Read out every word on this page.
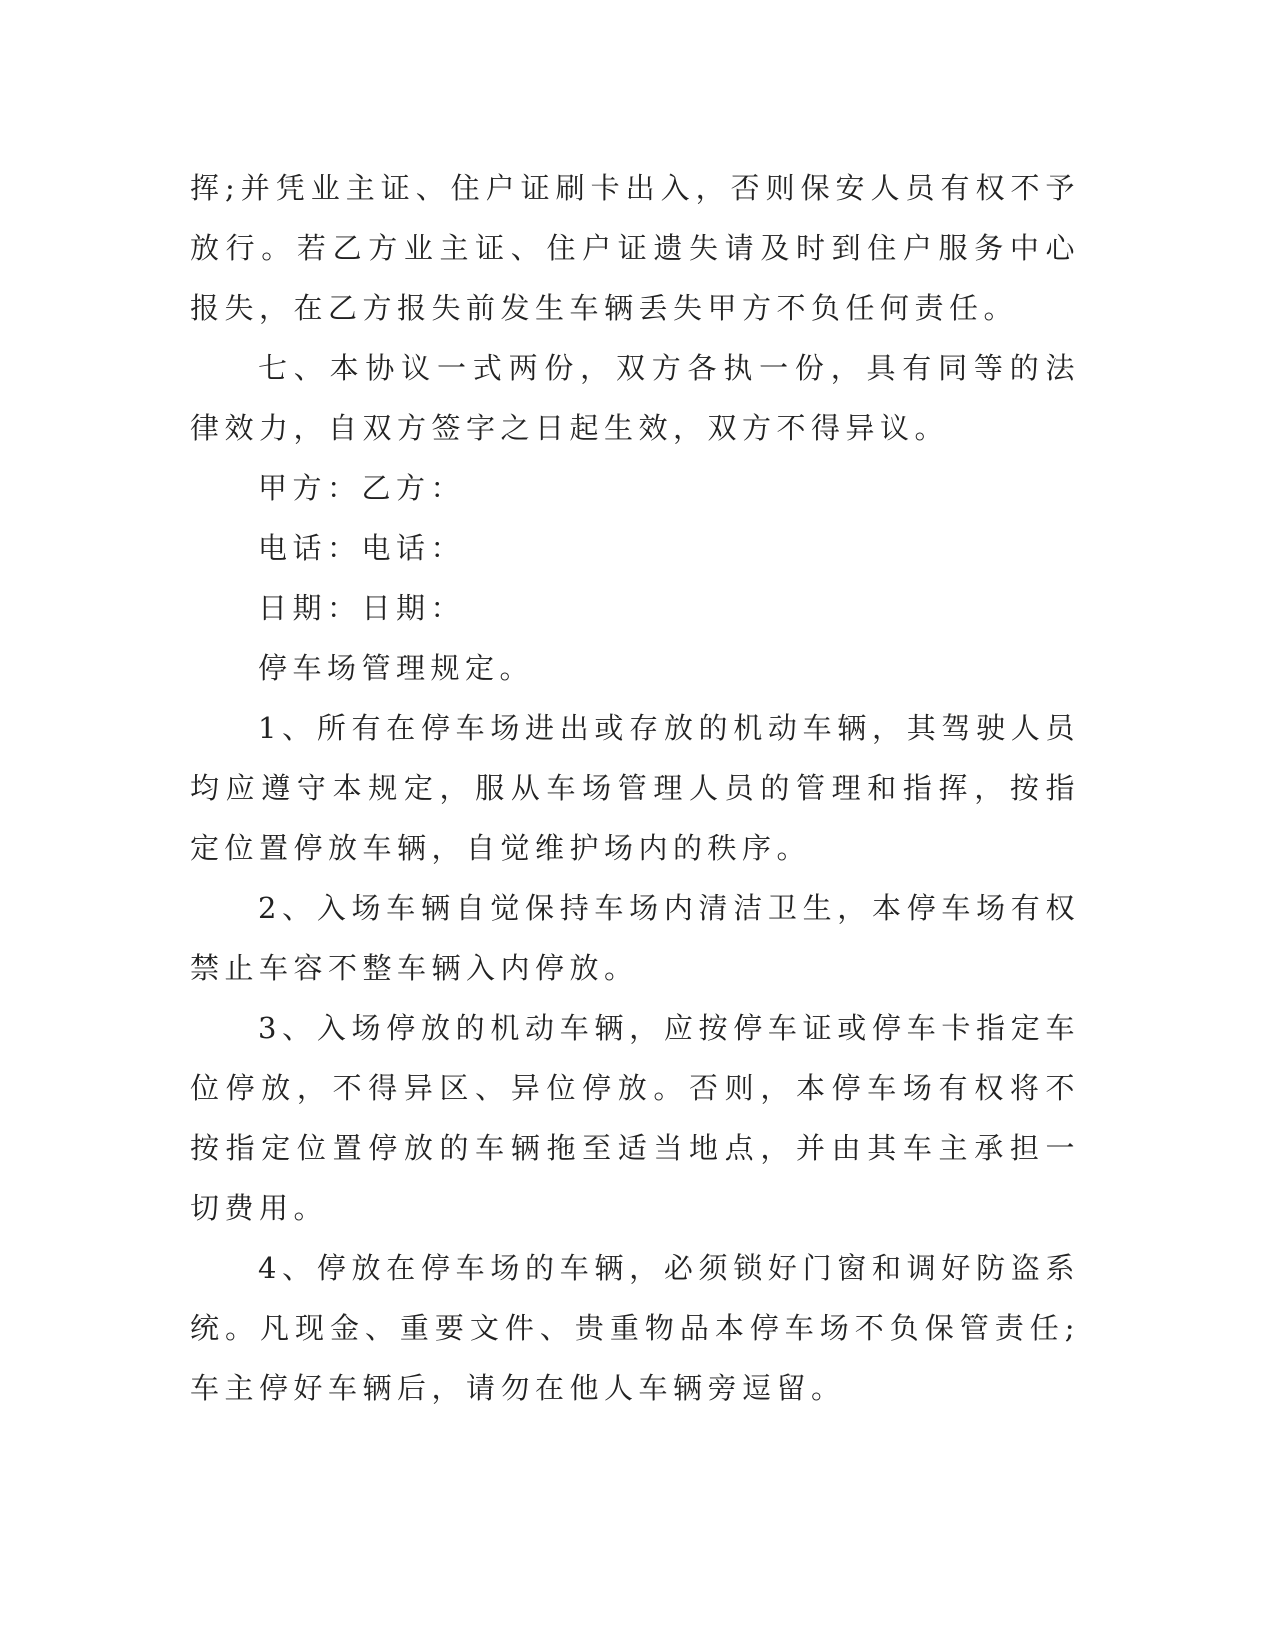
挥;并凭业主证、住户证刷卡出入，否则保安人员有权不予放行。若乙方业主证、住户证遗失请及时到住户服务中心报失，在乙方报失前发生车辆丢失甲方不负任何责任。

七、本协议一式两份，双方各执一份，具有同等的法律效力，自双方签字之日起生效，双方不得异议。

甲方：乙方：

电话：电话：

日期：日期：

停车场管理规定。

1、所有在停车场进出或存放的机动车辆，其驾驶人员均应遵守本规定，服从车场管理人员的管理和指挥，按指定位置停放车辆，自觉维护场内的秩序。

2、入场车辆自觉保持车场内清洁卫生，本停车场有权禁止车容不整车辆入内停放。

3、入场停放的机动车辆，应按停车证或停车卡指定车位停放，不得异区、异位停放。否则，本停车场有权将不按指定位置停放的车辆拖至适当地点，并由其车主承担一切费用。

4、停放在停车场的车辆，必须锁好门窗和调好防盗系统。凡现金、重要文件、贵重物品本停车场不负保管责任;车主停好车辆后，请勿在他人车辆旁逗留。
